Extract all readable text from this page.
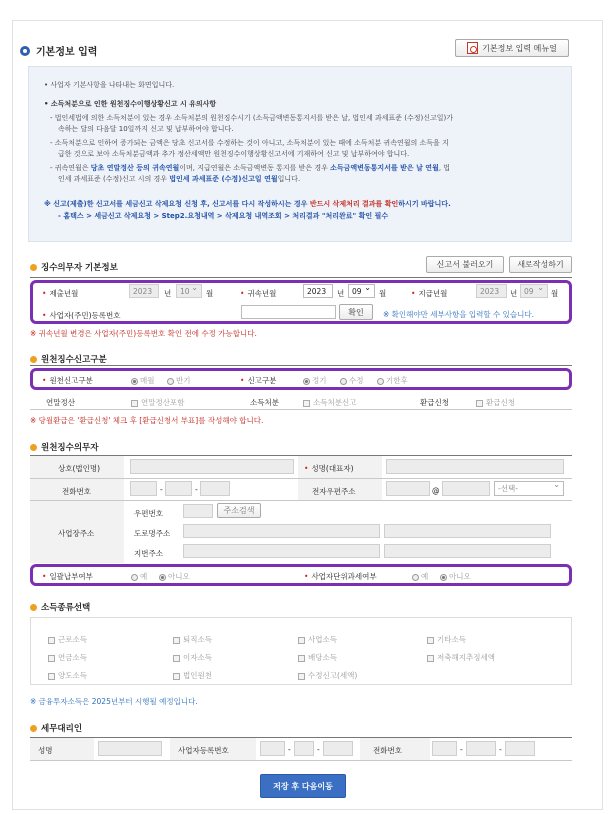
기본정보 입력	기본정보 입력 메뉴얼
• 사업자 기본사항을 나타내는 화면입니다.
• 소득처분으로 인한 원천징수이행상황신고 시 유의사항
- 법인세법에 의한 소득처분이 있는 경우 소득처분의 원천징수시기 (소득금액변동통지서를 받은 날, 법인세 과세표준 (수정)신고일)가
속하는 달의 다음달 10일까지 신고 및 납부하여야 합니다.
- 소득처분으로 인하여 증가되는 금액은 당초 신고서를 수정하는 것이 아니고, 소득처분이 있는 때에 소득처분 귀속연월의 소득을 지
급한 것으로 보아 소득처분금액과 추가 정산세액만 원천징수이행상황신고서에 기재하여 신고 및 납부하여야 합니다.
- 귀속연월은 당초 연말정산 등의 귀속연월이며, 지급연월은 소득금액변동 통지를 받은 경우 소득금액변동통지서를 받은 날 연월, 법
인세 과세표준 (수정)신고 시의 경우 법인세 과세표준 (수정)신고일 연월입니다.
※ 신고(제출)한 신고서를 세금신고 삭제요청 신청 후, 신고서를 다시 작성하시는 경우 반드시 삭제처리 결과를 확인하시기 바랍니다.
- 홈택스 > 세금신고 삭제요청 > Step2.요청내역 > 삭제요청 내역조회 > 처리결과 "처리완료" 확인 필수
징수의무자 기본정보	신고서 불러오기	새로작성하기
• 제출년월	2023	년	10 ⌄	월	• 귀속년월	2023	년	09 ⌄	월	• 지급년월	2023	년 09 ⌄	월
• 사업자(주민)등록번호	확인	※ 확인해야만 세부사항을 입력할 수 있습니다.
※ 귀속년월 변경은 사업자(주민)등록번호 확인 전에 수정 가능합니다.
원천징수신고구분
• 원천신고구분	매월	반기	• 신고구분	정기	수정	기한후
연말정산	연말정산포함	소득처분	소득처분신고	환급신청	환급신청
※ 당월환급은 '환급신청' 체크 후 [환급신청서 부표]를 작성해야 합니다.
원천징수의무자
상호(법인명)	• 성명(대표자)
전화번호	-	-	전자우편주소	@	-선택- ⌄
사업장주소
우편번호	주소검색
도로명주소
지번주소
• 일괄납부여부	예	아니오	• 사업자단위과세여부	예	아니오
소득종류선택
근로소득	퇴직소득	사업소득	기타소득
연금소득	이자소득	배당소득	저축해지추징세액
양도소득	법인원천	수정신고(세액)
※ 금융투자소득은 2025년부터 시행될 예정입니다.
세무대리인
성명	사업자등록번호	-	-	전화번호	-	-
저장 후 다음이동
